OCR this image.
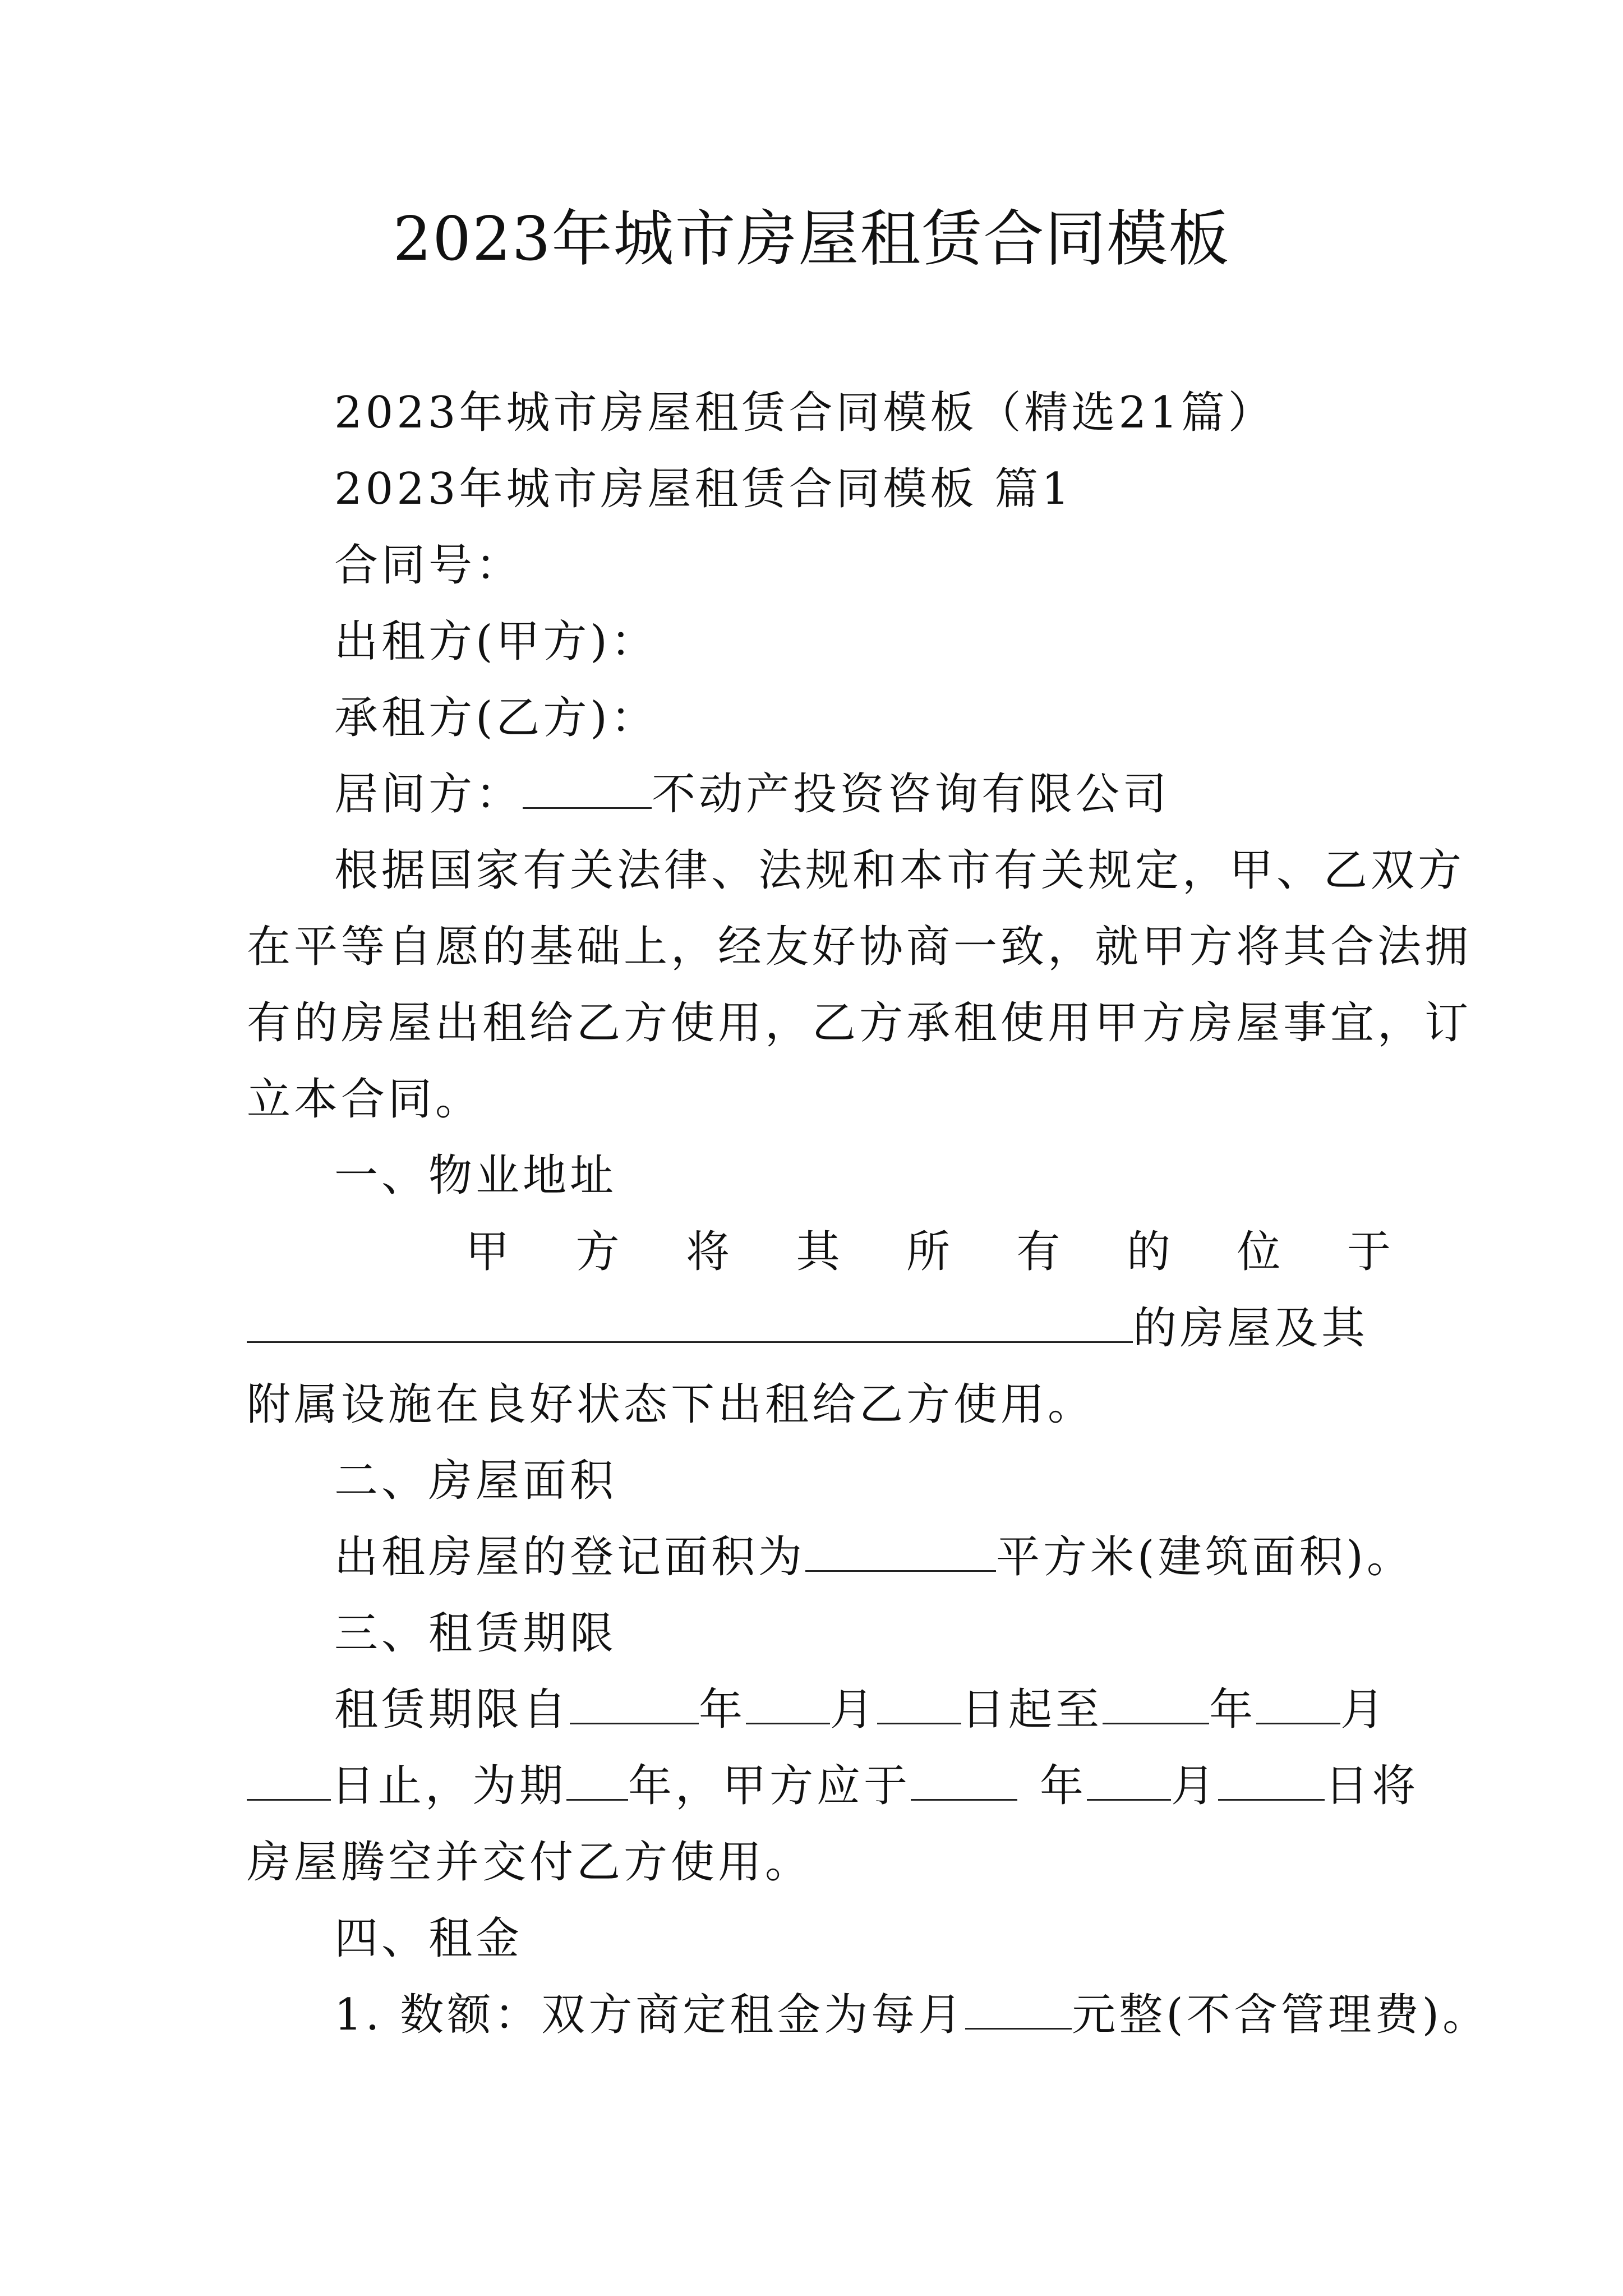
2023年城市房屋租赁合同模板
2023年城市房屋租赁合同模板（精选21篇）
2023年城市房屋租赁合同模板 篇1
合同号：
出租方(甲方)：
承租方(乙方)：
居间方：	不动产投资咨询有限公司
根据国家有关法律、法规和本市有关规定，甲、乙双方
在平等自愿的基础上，经友好协商一致，就甲方将其合法拥
有的房屋出租给乙方使用，乙方承租使用甲方房屋事宜，订
立本合同。
一、物业地址
甲方将其所有的位于
的房屋及其
附属设施在良好状态下出租给乙方使用。
二、房屋面积
出租房屋的登记面积为	平方米(建筑面积)。
三、租赁期限
租赁期限自	年 月 日起至 年 月
日止，为期 年，甲方应于	年 月 日将
房屋腾空并交付乙方使用。
四、租金
1. 数额：双方商定租金为每月 元整(不含管理费)。
